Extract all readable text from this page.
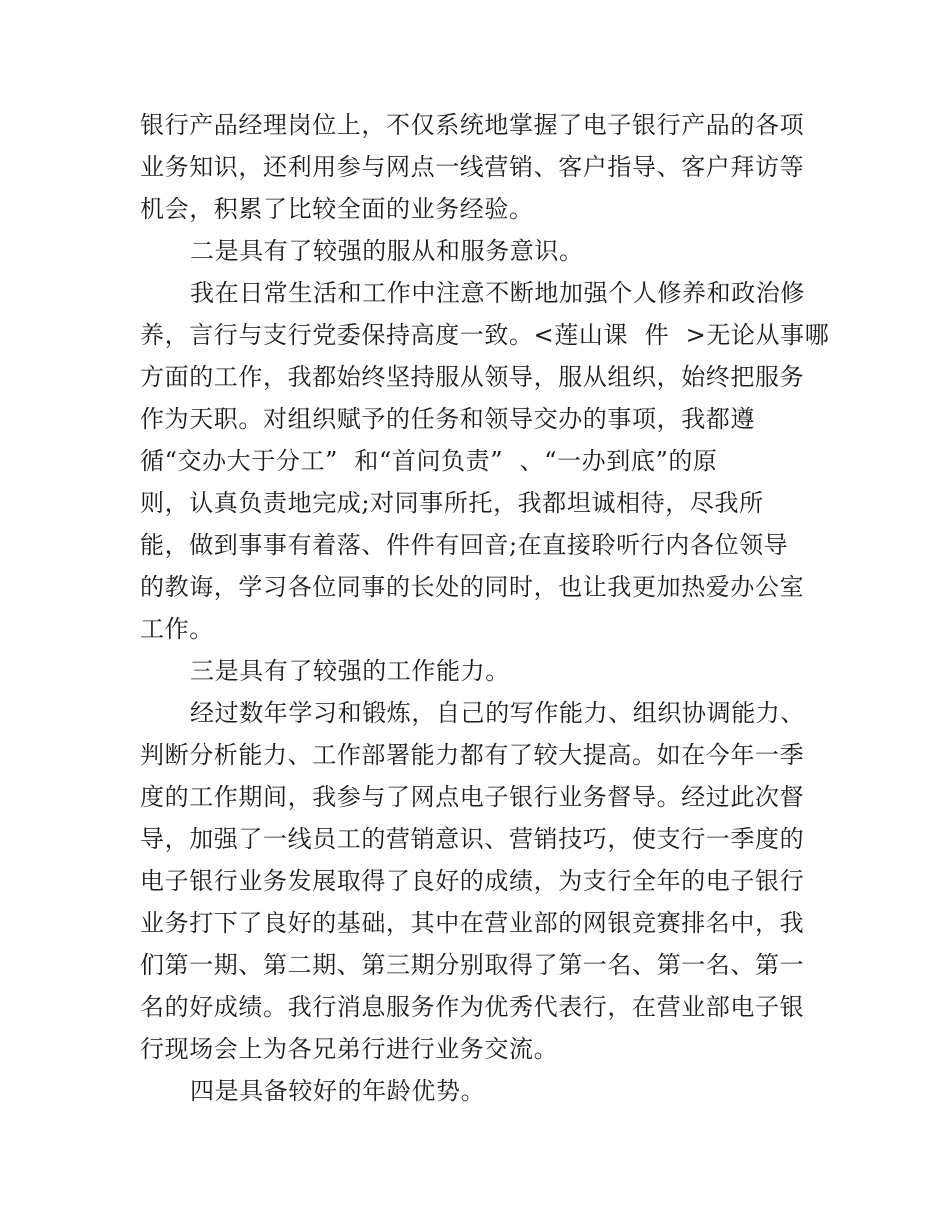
银行产品经理岗位上，不仅系统地掌握了电子银行产品的各项
业务知识，还利用参与网点一线营销、客户指导、客户拜访等
机会，积累了比较全面的业务经验。
二是具有了较强的服从和服务意识。
我在日常生活和工作中注意不断地加强个人修养和政治修
养，言行与支行党委保持高度一致。<莲山课  件  >无论从事哪
方面的工作，我都始终坚持服从领导，服从组织，始终把服务
作为天职。对组织赋予的任务和领导交办的事项，我都遵
循“交办大于分工”  和“首问负责”  、“一办到底”的原
则，认真负责地完成;对同事所托，我都坦诚相待，尽我所
能，做到事事有着落、件件有回音;在直接聆听行内各位领导
的教诲，学习各位同事的长处的同时，也让我更加热爱办公室
工作。
三是具有了较强的工作能力。
经过数年学习和锻炼，自己的写作能力、组织协调能力、
判断分析能力、工作部署能力都有了较大提高。如在今年一季
度的工作期间，我参与了网点电子银行业务督导。经过此次督
导，加强了一线员工的营销意识、营销技巧，使支行一季度的
电子银行业务发展取得了良好的成绩，为支行全年的电子银行
业务打下了良好的基础，其中在营业部的网银竞赛排名中，我
们第一期、第二期、第三期分别取得了第一名、第一名、第一
名的好成绩。我行消息服务作为优秀代表行，在营业部电子银
行现场会上为各兄弟行进行业务交流。
四是具备较好的年龄优势。
